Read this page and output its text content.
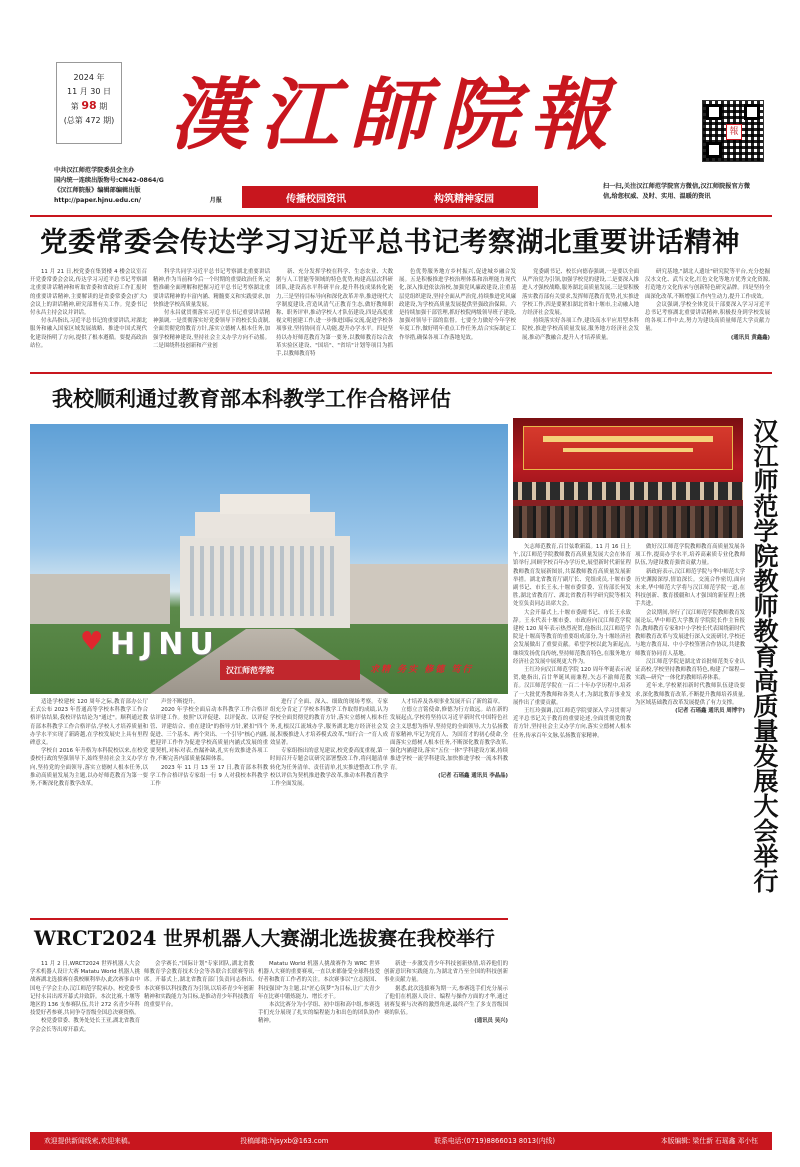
2024 年
11 月 30 日
第 98 期
(总第 472 期) 漢江師院報	報
中共汉江师范学院委员会主办
国内统一连续出版物号:CN42-0864/G
《汉江师院报》编辑部编辑出版
http://paper.hjnu.edu.cn/	月报	传播校园资讯	构筑精神家园
扫一扫,关注汉江师范学院官方微信,汉江师院报官方微信,给您权威、及时、实用、温暖的资讯
党委常委会传达学习习近平总书记考察湖北重要讲话精神

11 月 21 日,校党委在集贤楼 4 楼会议室召开党委常委会会议,传达学习习近平总书记考察湖北重要讲话精神和听取省委和省政府工作汇报时的重要讲话精神,主要解读的是省委常委会(扩大)会议上的讲话精神,研究部署有关工作。党委书记付永昌主持会议并讲话。

付永昌指出,习近平总书记的重要讲话,对湖北服务和融入国家区域发展战略、推进中国式现代化建设指明了方向,提供了根本遵循。要提高政治站位。

科学共同学习近平总书记考察湖北重要讲话精神,作为当前和今后一个时期的重要政治任务,完整准确全面理解和把握习近平总书记考察湖北重要讲话精神的丰富内涵、精髓要义和实践要求,加快推进学校高质量发展。

付永昌就贯彻落实习近平总书记重要讲话精神强调,一是贯彻落实好党委领导下的校长负责制,全面贯彻党的教育方针,落实立德树人根本任务,加强学校精神建设,坚持社会主义办学方向不动摇。二是围绕科技创新和产业创

新、充分发挥学校在科学、生态农业、大数据与人工智能等领域的特色优势,构建高层次科研团队,建设高水平科研平台,提升科技成果转化能力,三是坚持目标导向和深化改革并举,推进现代大学制度建设,营造风清气正教育生态,做好教师职称、职务评审,推动学校人才队伍建设,四是高度重视文明创建工作,进一步推进国际交流,促进学校各项事业,坚持协同育人功能,提升办学水平。四是坚持以办好师范教育为第一要务,以教师教育综合改革实验区建设、"国培"、"省培"计划等项目为抓手,以教师教育特

色优势服务地方乡村振兴,促进城乡融合发展。五是积极推进学校治理体系和治理能力现代化,深入推进依法治校,加强党风廉政建设,注重基层党组织建设,坚持全面从严治党,持续推进党风廉政建设,为学校高质量发展提供坚强政治保障。六是持续加强干部管理,抓好校院两级领导班子建设,加强对领导干部的监督。七要全力做好今年学校年度工作,做好明年重点工作任务,结合实际制定工作举措,确保各项工作落地见效。

党委副书记、校长向德春强调,一是要以全面从严治党为引领,加强学校党的建设,二是要深入推进人才强校战略,服务湖北高质量发展,三是要积极落实教育部有关要求,发挥师范教育优势,扎实推进学校工作,四是要紧扣湖北省和十堰市,主动融入地方经济社会发展。

持续落实好各项工作,建设高水平应用型本科院校,推进学校高质量发展,服务地方经济社会发展,推动产教融合,提升人才培养质量。

研究基地,"湖北人遗址"研究院等平台,充分挖掘汉水文化、武当文化,红色文化等地方优秀文化资源,打造地方文化传承与创新特色研究品牌。四是坚持全面深化改革,不断增强工作内生动力,提升工作成效。

会议强调,学校全体党员干部要深入学习习近平总书记考察湖北重要讲话精神,积极投身到学校发展的各项工作中去,努力为建设高质量师范大学贡献力量。

(通讯员 黄鑫鑫)
我校顺利通过教育部本科教学工作合格评估
♥ HJNU
汉江师范学院	求精 务实 修德 笃行

适逢学校建校 120 周年之际,教育部办公厅正式公布 2023 年普通高等学校本科教学工作合格评估结果,我校评估结论为"通过"。顺利通过教育部本科教学工作合格评估,学校人才培养质量和办学水平实现了新跨越,在学校发展史上具有里程碑意义。

学校自 2016 年升格为本科院校以来,在校党委校行政的坚强领导下,始终坚持社会主义办学方向,坚持党的全面领导,落实立德树人根本任务,以推动高质量发展为主题,以办好师范教育为第一要务,不断深化教育教学改革。

声誉不断提升。

2020 年学校全面启动本科教学工作合格评估评建工作。按照"以评促建、以评促改、以评促管、评建结合、重在建设"的指导方针,紧扣"四个促进、三个基本、两个突出、一个引导"核心内涵,把迎评工作作为促进学校高质量内涵式发展的重要契机,对标对表,查漏补缺,扎实有效推进各项工作,不断完善内部质量保障体系。

2023 年 11 月 13 至 17 日,教育部本科教学工作合格评估专家组一行 9 人对我校本科教学工作

进行了全面、深入、细致的现场考察。专家组充分肯定了学校本科教学工作取得的成绩,认为学校全面贯彻党的教育方针,落实立德树人根本任务,扎根汉江流域办学,服务湖北地方经济社会发展,积极推进人才培养模式改革,"知行合一"育人成效显著。

专家组指出的意见建议,校党委高度重视,第一时间召开专题会议研究部署整改工作,将问题清单转化为任务清单、责任清单,扎实推进整改工作,学校以评估为契机推进教学改革,推动本科教育教学工作全面发展。

人才培养及各项事业发展开启了新的篇章。

立德立言铭使命,修德为行方致远。站在新的发展起点,学校将坚持以习近平新时代中国特色社会主义思想为指导,坚持党的全面领导,大力弘扬教育家精神,牢记为党育人、为国育才的初心使命,全面落实立德树人根本任务,不断深化教育教学改革,强化内涵建设,落实"五位一体"学科建设方案,持续推进学校一流学科建设,加快推进学校一流本科教育。

(记者 石瑶鑫 通讯员 李晶晶)

矢志师范教育,百廿弦歌新篇。11 月 16 日上午,汉江师范学院教师教育高质量发展大会在体育馆举行,回顾学校百年办学历史,展望新时代新征程教师教育发展新图景,共谋教师教育高质量发展新举措。湖北省教育厅副厅长、党组成员,十堰市委副书记、市长王永,十堰市委常委、宣传部长何发胜,湖北省教育厅、湖北省教育科学研究院等相关处室负责同志出席大会。

大会开幕式上,十堰市委副书记、市长王永致辞。王永代表十堰市委、市政府向汉江师范学院建校 120 周年表示热烈祝贺,他指出,汉江师范学院是十堰高等教育的重要组成部分,为十堰经济社会发展做出了重要贡献。希望学校以此为新起点,继续发扬优良传统,坚持师范教育特色,在服务地方经济社会发展中展现更大作为。

王红玲向汉江师范学院 120 周年华诞表示祝贺,她指出,百廿华诞风雨兼程,矢志不渝师范教育。汉江师范学院在一百二十年办学历程中,培养了一大批优秀教师和各类人才,为湖北教育事业发展作出了重要贡献。

王红玲强调,汉江师范学院要深入学习贯彻习近平总书记关于教育的重要论述,全面贯彻党的教育方针,坚持社会主义办学方向,落实立德树人根本任务,传承百年文脉,弘扬教育家精神。

做好汉江师范学院教师教育高质量发展各项工作,提高办学水平,培养高素质专业化教师队伍,为建设教育强省贡献力量。

新政府表示,汉江师范学院与华中师范大学历史渊源深厚,情谊深长。交流合作密切,面向未来,华中师范大学将与汉江师范学院一道,在科技创新、教育援疆和人才强国的新征程上携手共进。

会议期间,举行了汉江师范学院教师教育发展论坛,华中师范大学教育学院院长作主旨报告,教师教育专家和中小学校长代表围绕新时代教师教育改革与发展进行深入交流研讨,学校还与地方教育局、中小学校签署合作协议,共建教师教育协同育人基地。

汉江师范学院是湖北省首批师范类专业认证高校,学校坚持教师教育特色,构建了"课程—实践—研究"一体化的教师培养体系。

近年来,学校紧扣新时代教师队伍建设要求,深化教师教育改革,不断提升教师培养质量,为区域基础教育改革发展提供了有力支撑。

(记者 石瑶鑫 通讯员 周博宇) 汉江师范学院教师教育高质量发展大会举行
WRCT2024 世界机器人大赛湖北选拔赛在我校举行

11 月 2 日,WRCT2024 世界机器人大会学术机器人设计大赛 Matatu World 机器人挑战赛湖北选拔赛在我校顺利举办,此次赛事由中国电子学会主办,汉江师范学院承办。校党委书记付永昌出席开幕式并致辞。本次比赛,十堰等地区的 136 支参赛队伍,共计 272 名青少年科技爱好者参赛,共同争夺晋级全国总决赛资格。

校党委常委、教务处处长王亚,湖北省教育学会会长等出席开幕式。

会学赛长,"国际计划"专家团队,湖北省教师教育学会教育技术分会等各联合长联赛等出席。开幕式上,湖北省教育部门负责同志指出,本次赛事以科技教育为引领,以培养青少年创新精神和实践能力为目标,是推动青少年科技教育的重要平台。

Matatu World 机器人挑战赛作为 WRC 世界机器人大赛的重要赛项,一直以来都备受全球科技爱好者和教育工作者的关注。本次赛事以"立志报国、科技强国"为主题,以"匠心筑梦"为目标,让广大青少年在比赛中锻炼能力、增长才干。

本次比赛分为小学组、初中组和高中组,参赛选手们充分展现了扎实的编程能力和出色的团队协作精神。

新进一步激发青少年科技创新热情,培养他们的创新意识和实践能力,为湖北省乃至全国的科技创新事业贡献力量。

据悉,此次选拔赛为期一天,参赛选手们充分展示了他们在机器人设计、编程与操作方面的才华,通过初赛复赛与决赛的激烈角逐,最终产生了多支晋级国赛的队伍。

(通讯员 吴兴)
欢迎提供新闻线索,欢迎来稿。	投稿邮箱:hjsyxb@163.com	联系电话:(0719)8866013 8013(内线)	本版编辑: 梁仕新 石瑶鑫 邓小钰
